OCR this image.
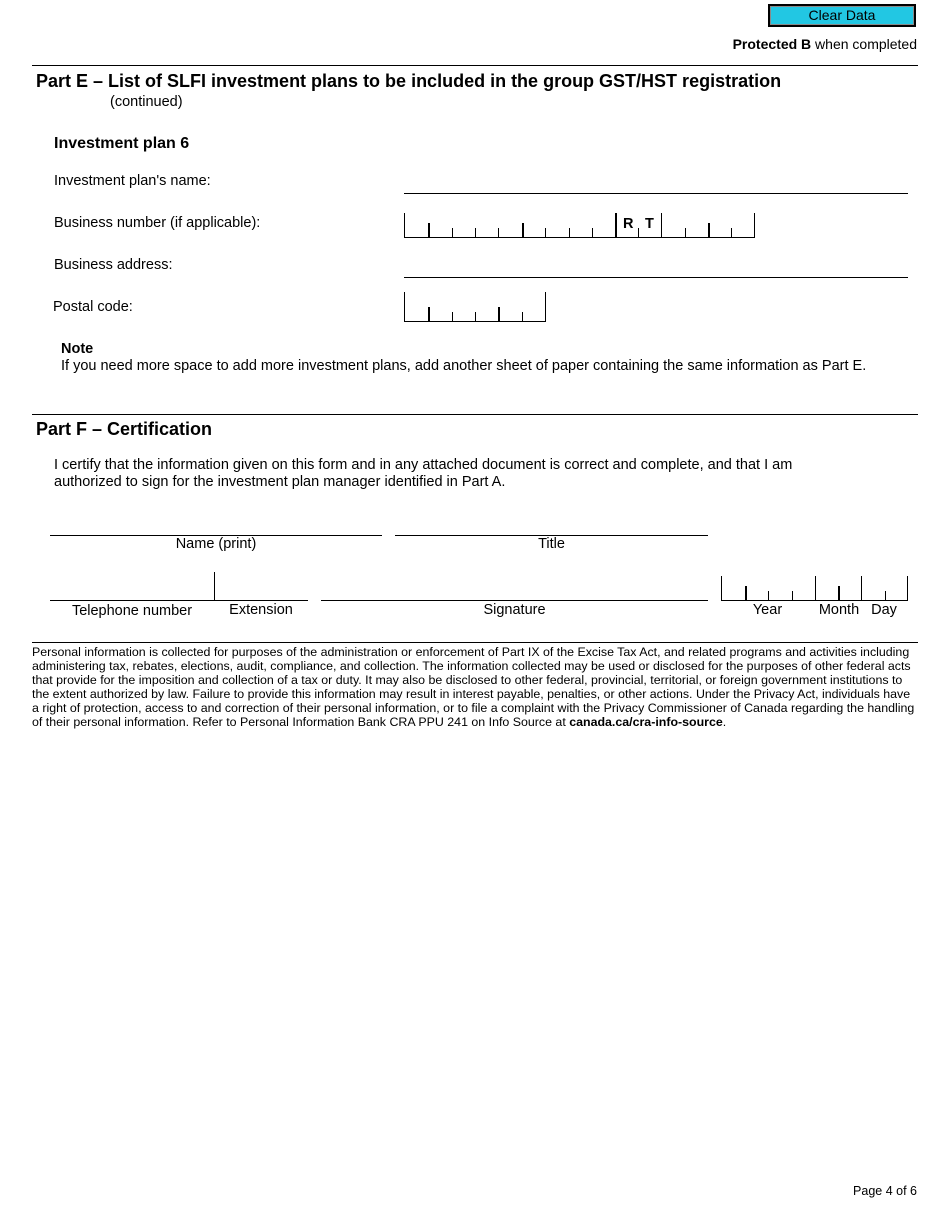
Clear Data
Protected B when completed
Part E – List of SLFI investment plans to be included in the group GST/HST registration
(continued)
Investment plan 6
Investment plan's name:
Business number (if applicable):	R T
Business address:
Postal code:
Note
If you need more space to add more investment plans, add another sheet of paper containing the same information as Part E.
Part F – Certification
I certify that the information given on this form and in any attached document is correct and complete, and that I am authorized to sign for the investment plan manager identified in Part A.
Name (print)	Title
Telephone number	Extension	Signature	Year	Month Day
Personal information is collected for purposes of the administration or enforcement of Part IX of the Excise Tax Act, and related programs and activities including administering tax, rebates, elections, audit, compliance, and collection. The information collected may be used or disclosed for the purposes of other federal acts that provide for the imposition and collection of a tax or duty. It may also be disclosed to other federal, provincial, territorial, or foreign government institutions to the extent authorized by law. Failure to provide this information may result in interest payable, penalties, or other actions. Under the Privacy Act, individuals have a right of protection, access to and correction of their personal information, or to file a complaint with the Privacy Commissioner of Canada regarding the handling of their personal information. Refer to Personal Information Bank CRA PPU 241 on Info Source at canada.ca/cra-info-source.
Page 4 of 6
